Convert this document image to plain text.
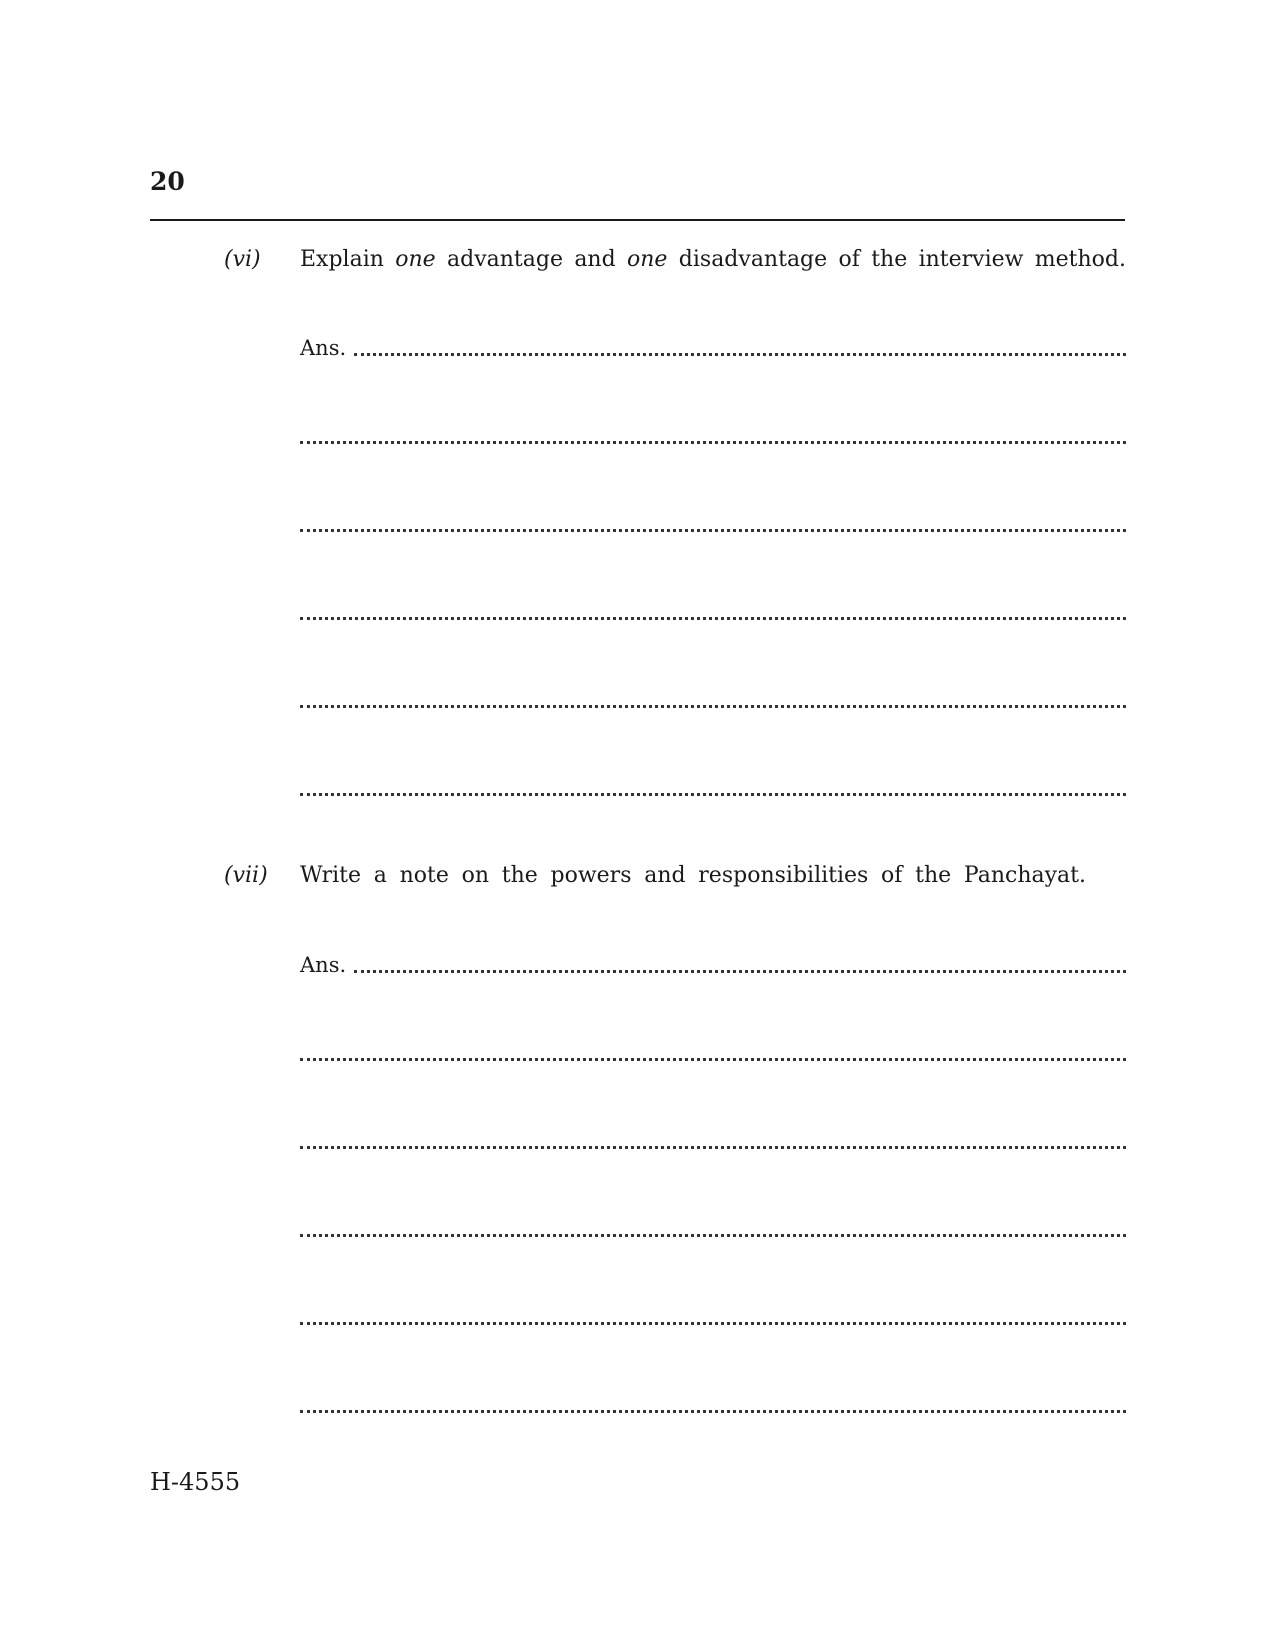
20
(vi) Explain one advantage and one disadvantage of the interview method.
Ans.
(vii) Write a note on the powers and responsibilities of the Panchayat.
Ans.
H-4555
